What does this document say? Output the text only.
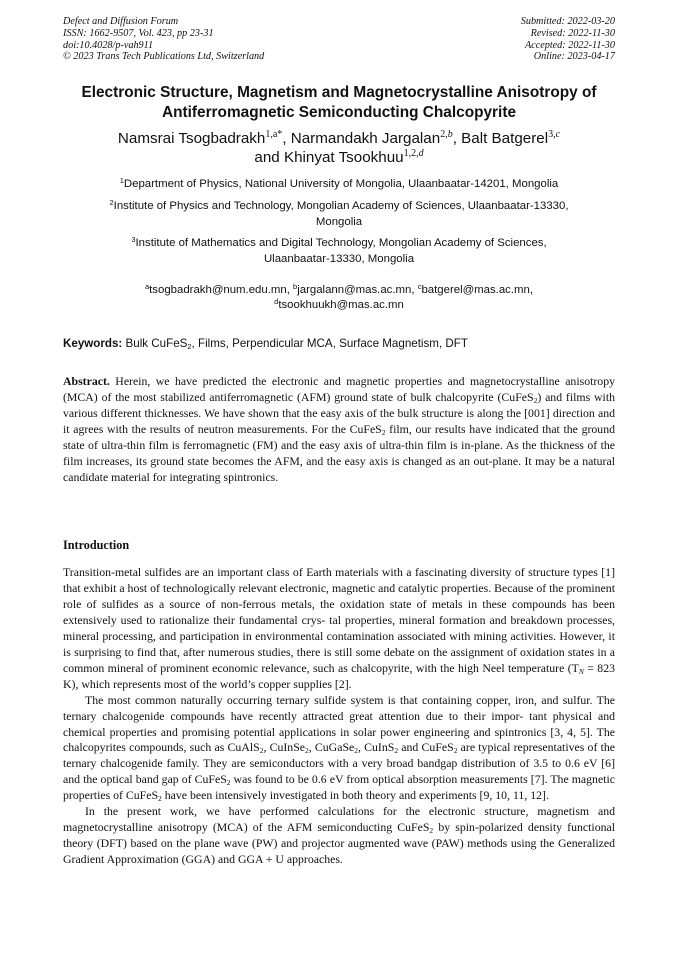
Defect and Diffusion Forum
ISSN: 1662-9507, Vol. 423, pp 23-31
doi:10.4028/p-vah911
© 2023 Trans Tech Publications Ltd, Switzerland
Submitted: 2022-03-20
Revised: 2022-11-30
Accepted: 2022-11-30
Online: 2023-04-17
Electronic Structure, Magnetism and Magnetocrystalline Anisotropy of
Antiferromagnetic Semiconducting Chalcopyrite
Namsrai Tsogbadrakh$^{1,a*}$, Narmandakh Jargalan$^{2,b}$, Balt Batgerel$^{3,c}$
and Khinyat Tsookhuu$^{1,2,d}$
$^1$Department of Physics, National University of Mongolia, Ulaanbaatar-14201, Mongolia
$^2$Institute of Physics and Technology, Mongolian Academy of Sciences, Ulaanbaatar-13330,
Mongolia
$^3$Institute of Mathematics and Digital Technology, Mongolian Academy of Sciences,
Ulaanbaatar-13330, Mongolia
$^a$tsogbadrakh@num.edu.mn, $^b$jargalann@mas.ac.mn, $^c$batgerel@mas.ac.mn,
$^d$tsookhuukh@mas.ac.mn
Keywords: Bulk CuFeS$_2$, Films, Perpendicular MCA, Surface Magnetism, DFT
Abstract. Herein, we have predicted the electronic and magnetic properties and magnetocrystalline anisotropy (MCA) of the most stabilized antiferromagnetic (AFM) ground state of bulk chalcopyrite (CuFeS$_2$) and films with various different thicknesses. We have shown that the easy axis of the bulk structure is along the [001] direction and it agrees with the results of neutron measurements. For the CuFeS$_2$ film, our results have indicated that the ground state of ultra-thin film is ferromagnetic (FM) and the easy axis of ultra-thin film is in-plane. As the thickness of the film increases, its ground state becomes the AFM, and the easy axis is changed as an out-plane. It may be a natural candidate material for integrating spintronics.
Introduction

Transition-metal sulfides are an important class of Earth materials with a fascinating diversity of structure types [1] that exhibit a host of technologically relevant electronic, magnetic and catalytic properties. Because of the prominent role of sulfides as a source of non-ferrous metals, the oxidation state of metals in these compounds has been extensively used to rationalize their fundamental crys- tal properties, mineral formation and breakdown processes, mineral processing, and participation in environmental contamination associated with mining activities. However, it is surprising to find that, after numerous studies, there is still some debate on the assignment of oxidation states in a common mineral of prominent economic relevance, such as chalcopyrite, with the high Neel temperature ($T_N = 823$ K), which represents most of the world’s copper supplies [2].

The most common naturally occurring ternary sulfide system is that containing copper, iron, and sulfur. The ternary chalcogenide compounds have recently attracted great attention due to their impor- tant physical and chemical properties and promising potential applications in solar power engineering and spintronics [3, 4, 5]. The chalcopyrites compounds, such as CuAlS$_2$, CuInSe$_2$, CuGaSe$_2$, CuInS$_2$ and CuFeS$_2$ are typical representatives of the ternary chalcogenide family. They are semiconductors with a very broad bandgap distribution of 3.5 to 0.6 eV [6] and the optical band gap of CuFeS$_2$ was found to be 0.6 eV from optical absorption measurements [7]. The magnetic properties of CuFeS$_2$ have been intensively investigated in both theory and experiments [9, 10, 11, 12].

In the present work, we have performed calculations for the electronic structure, magnetism and magnetocrystalline anisotropy (MCA) of the AFM semiconducting CuFeS$_2$ by spin-polarized density functional theory (DFT) based on the plane wave (PW) and projector augmented wave (PAW) methods using the Generalized Gradient Approximation (GGA) and GGA + U approaches.
